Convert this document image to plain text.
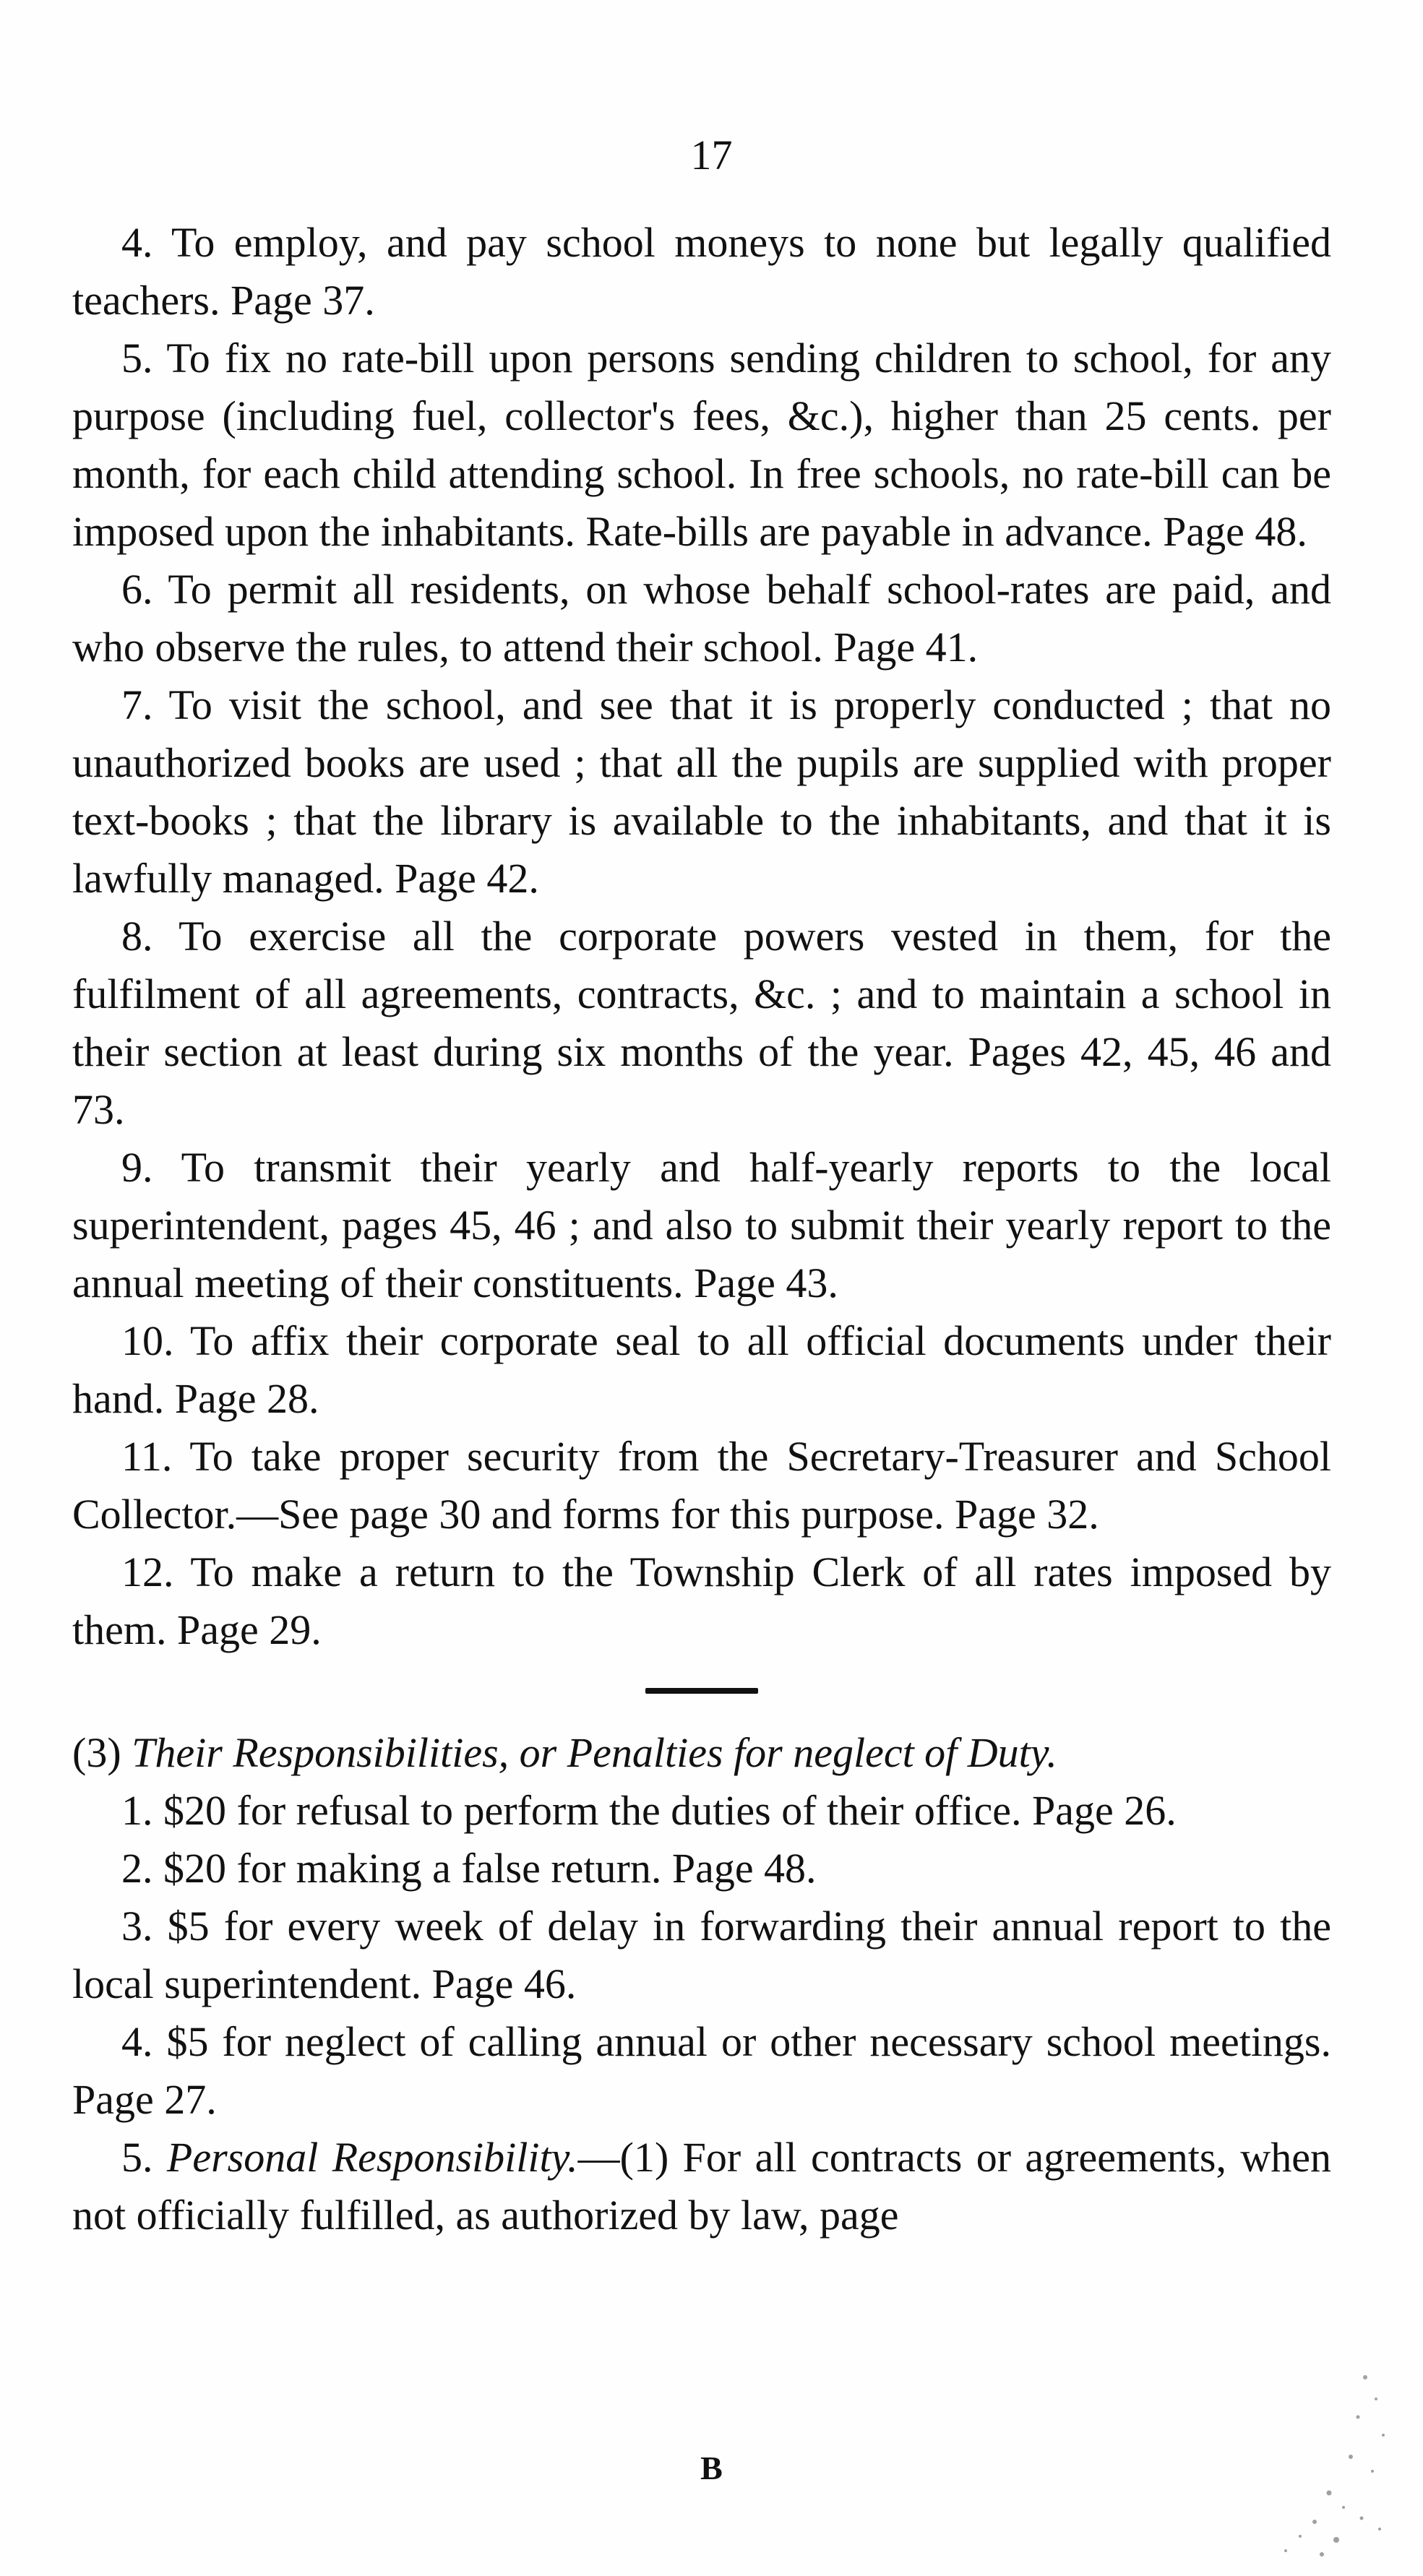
17

4. To employ, and pay school moneys to none but legally qualified teachers. Page 37.

5. To fix no rate-bill upon persons sending children to school, for any purpose (including fuel, collector's fees, &c.), higher than 25 cents. per month, for each child attending school. In free schools, no rate-bill can be imposed upon the inhabitants. Rate-bills are payable in advance. Page 48.

6. To permit all residents, on whose behalf school-rates are paid, and who observe the rules, to attend their school. Page 41.

7. To visit the school, and see that it is properly conducted ; that no unauthorized books are used ; that all the pupils are supplied with proper text-books ; that the library is available to the inhabitants, and that it is lawfully managed. Page 42.

8. To exercise all the corporate powers vested in them, for the fulfilment of all agreements, contracts, &c. ; and to maintain a school in their section at least during six months of the year. Pages 42, 45, 46 and 73.

9. To transmit their yearly and half-yearly reports to the local superintendent, pages 45, 46 ; and also to submit their yearly report to the annual meeting of their constituents. Page 43.

10. To affix their corporate seal to all official documents under their hand. Page 28.

11. To take proper security from the Secretary-Treasurer and School Collector.—See page 30 and forms for this purpose. Page 32.

12. To make a return to the Township Clerk of all rates imposed by them. Page 29.

(3) Their Responsibilities, or Penalties for neglect of Duty.

1. $20 for refusal to perform the duties of their office. Page 26.

2. $20 for making a false return. Page 48.

3. $5 for every week of delay in forwarding their annual report to the local superintendent. Page 46.

4. $5 for neglect of calling annual or other necessary school meetings. Page 27.

5. Personal Responsibility.—(1) For all contracts or agreements, when not officially fulfilled, as authorized by law, page

B
